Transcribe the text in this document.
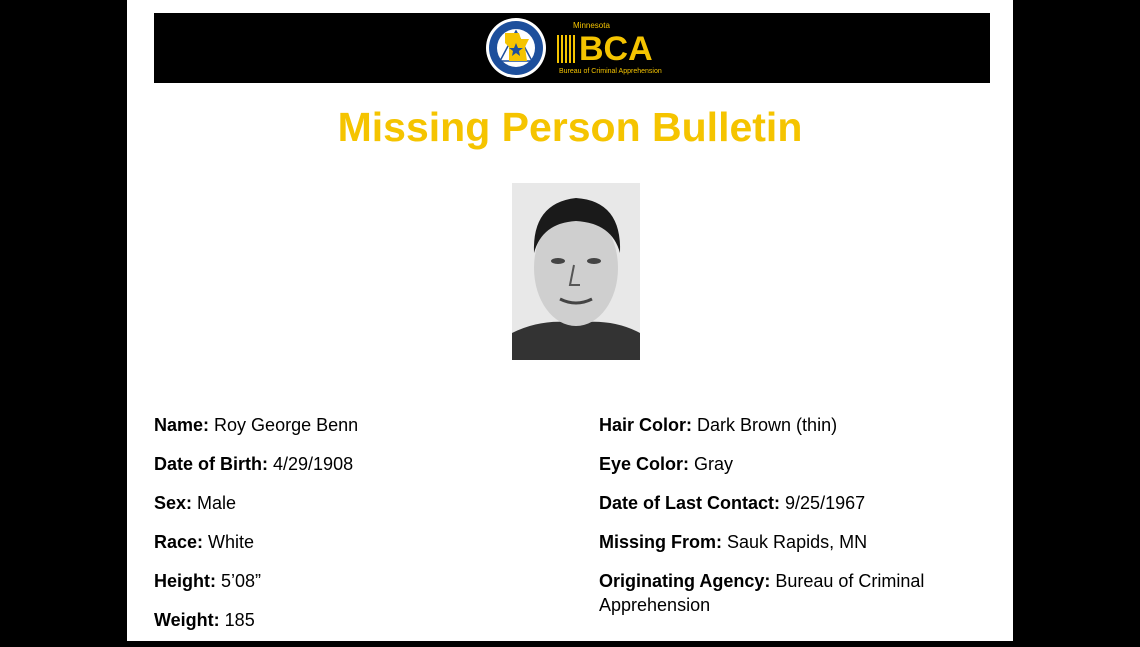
Minnesota
BCA
Bureau of Criminal Apprehension
Missing Person Bulletin
Name: Roy George Benn
Date of Birth: 4/29/1908
Sex: Male
Race: White
Height: 5’08”
Weight: 185
Hair Color: Dark Brown (thin)
Eye Color: Gray
Date of Last Contact: 9/25/1967
Missing From: Sauk Rapids, MN
Originating Agency: Bureau of Criminal Apprehension
